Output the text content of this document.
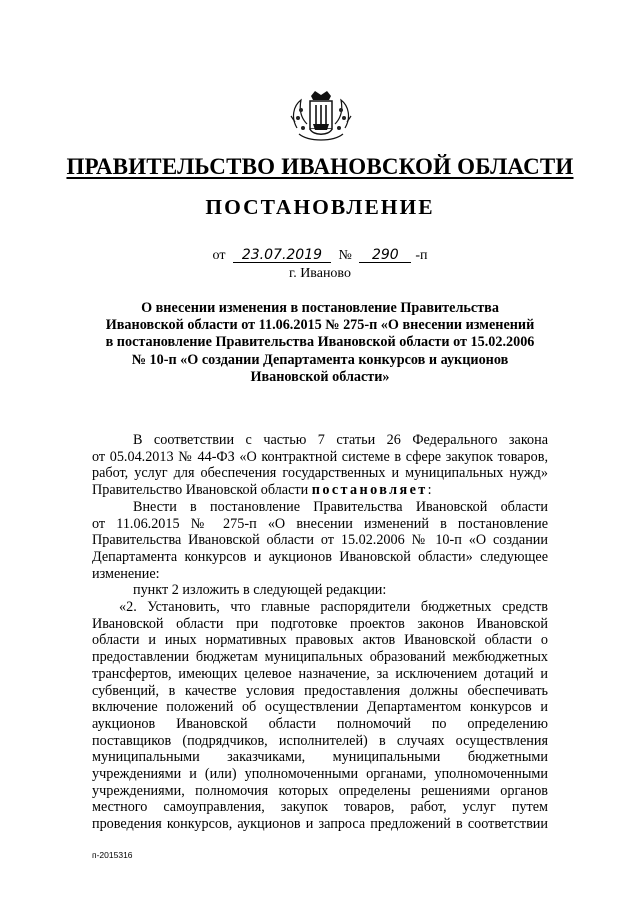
ПРАВИТЕЛЬСТВО ИВАНОВСКОЙ ОБЛАСТИ
ПОСТАНОВЛЕНИЕ
от 23.07.2019 № 290 -п
г. Иваново
О внесении изменения в постановление Правительства
Ивановской области от 11.06.2015 № 275-п «О внесении изменений
в постановление Правительства Ивановской области от 15.02.2006
№ 10-п «О создании Департамента конкурсов и аукционов
Ивановской области»
В соответствии с частью 7 статьи 26 Федерального закона
от 05.04.2013 № 44-ФЗ «О контрактной системе в сфере закупок товаров,
работ, услуг для обеспечения государственных и муниципальных нужд»
Правительство Ивановской области постановляет:
Внести в постановление Правительства Ивановской области
от 11.06.2015 № 275-п «О внесении изменений в постановление
Правительства Ивановской области от 15.02.2006 № 10-п «О создании
Департамента конкурсов и аукционов Ивановской области» следующее
изменение:
пункт 2 изложить в следующей редакции:
«2. Установить, что главные распорядители бюджетных средств
Ивановской области при подготовке проектов законов Ивановской
области и иных нормативных правовых актов Ивановской области о
предоставлении бюджетам муниципальных образований межбюджетных
трансфертов, имеющих целевое назначение, за исключением дотаций и
субвенций, в качестве условия предоставления должны обеспечивать
включение положений об осуществлении Департаментом конкурсов и
аукционов Ивановской области полномочий по определению
поставщиков (подрядчиков, исполнителей) в случаях осуществления
муниципальными заказчиками, муниципальными бюджетными
учреждениями и (или) уполномоченными органами, уполномоченными
учреждениями, полномочия которых определены решениями органов
местного самоуправления, закупок товаров, работ, услуг путем
проведения конкурсов, аукционов и запроса предложений в соответствии
п-2015316
